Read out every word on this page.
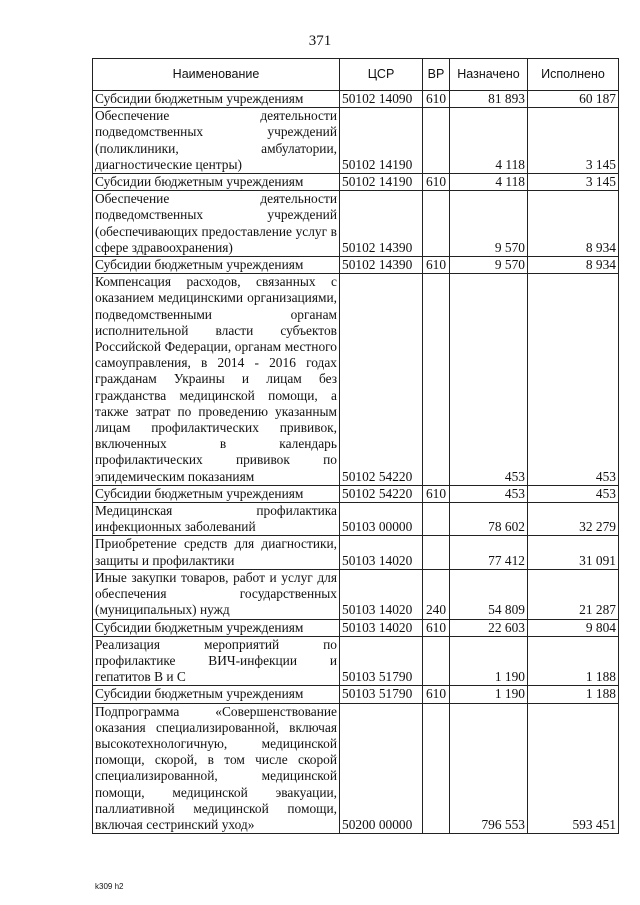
371
Наименование	ЦСР	ВР	Назначено	Исполнено
Субсидии бюджетным учреждениям	50102 14090	610	81 893	60 187
Обеспечение деятельности подведомственных учреждений (поликлиники, амбулатории, диагностические центры)	50102 14190		4 118	3 145
Субсидии бюджетным учреждениям	50102 14190	610	4 118	3 145
Обеспечение деятельности подведомственных учреждений (обеспечивающих предоставление услуг в сфере здравоохранения)	50102 14390		9 570	8 934
Субсидии бюджетным учреждениям	50102 14390	610	9 570	8 934
Компенсация расходов, связанных с оказанием медицинскими организациями, подведомственными органам исполнительной власти субъектов Российской Федерации, органам местного самоуправления, в 2014 - 2016 годах гражданам Украины и лицам без гражданства медицинской помощи, а также затрат по проведению указанным лицам профилактических прививок, включенных в календарь профилактических прививок по эпидемическим показаниям	50102 54220		453	453
Субсидии бюджетным учреждениям	50102 54220	610	453	453
Медицинская профилактика инфекционных заболеваний	50103 00000		78 602	32 279
Приобретение средств для диагностики, защиты и профилактики	50103 14020		77 412	31 091
Иные закупки товаров, работ и услуг для обеспечения государственных (муниципальных) нужд	50103 14020	240	54 809	21 287
Субсидии бюджетным учреждениям	50103 14020	610	22 603	9 804
Реализация мероприятий по профилактике ВИЧ-инфекции и гепатитов В и С	50103 51790		1 190	1 188
Субсидии бюджетным учреждениям	50103 51790	610	1 190	1 188
Подпрограмма «Совершенствование оказания специализированной, включая высокотехнологичную, медицинской помощи, скорой, в том числе скорой специализированной, медицинской помощи, медицинской эвакуации, паллиативной медицинской помощи, включая сестринский уход»	50200 00000		796 553	593 451
k309 h2
